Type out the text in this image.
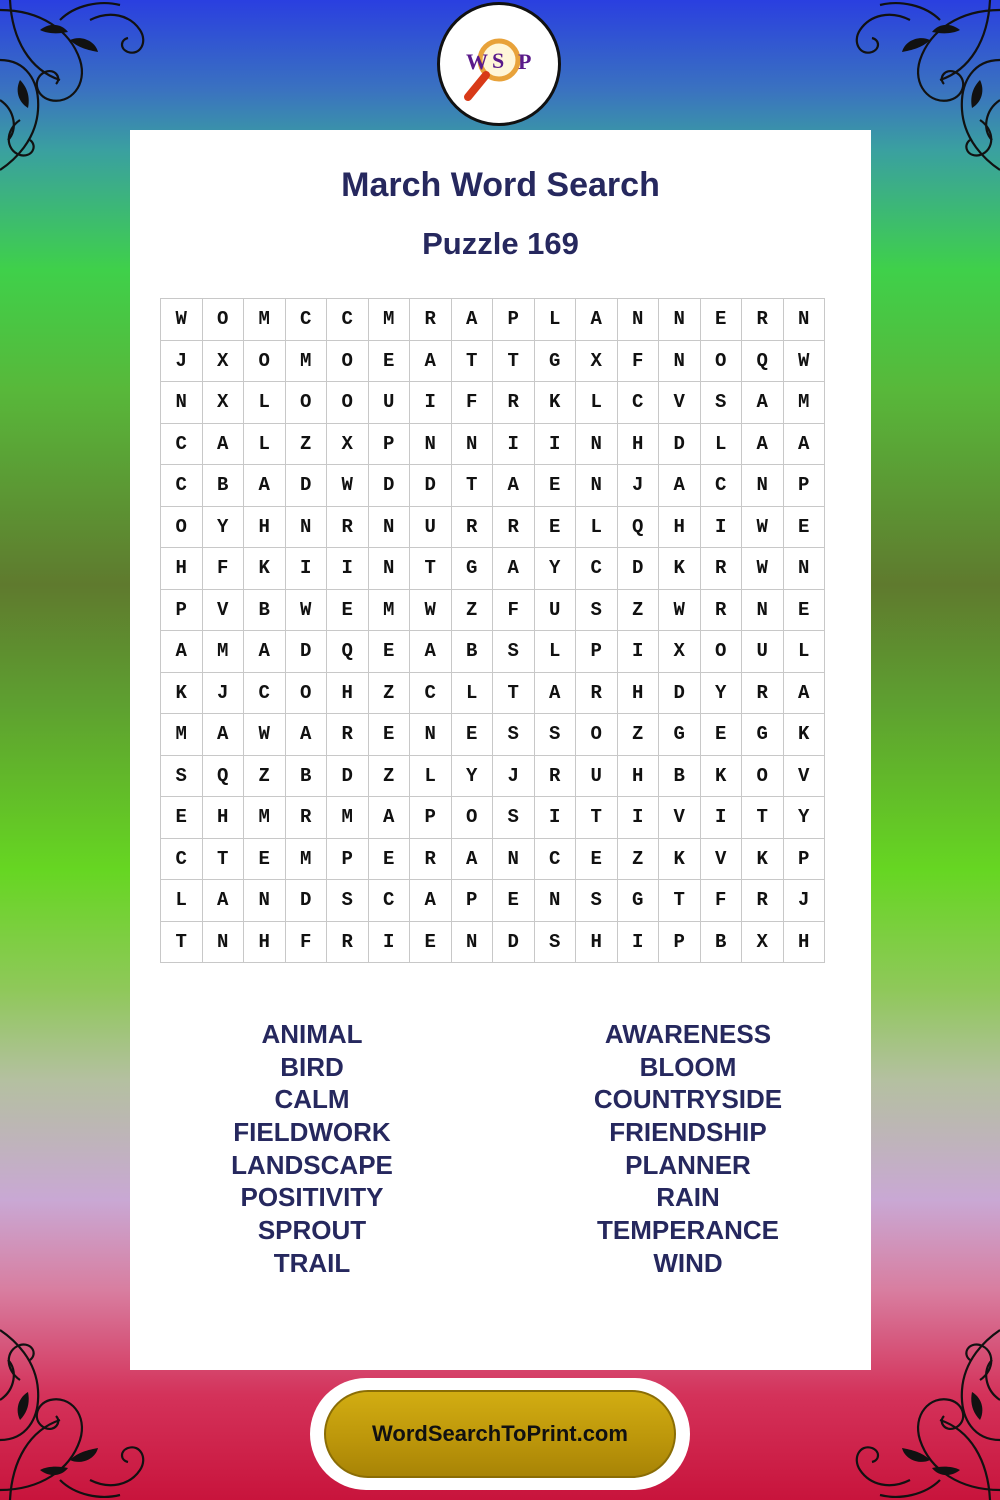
W S P
March Word Search
Puzzle 169
W	O	M	C	C	M	R	A	P	L	A	N	N	E	R	N
J	X	O	M	O	E	A	T	T	G	X	F	N	O	Q	W
N	X	L	O	O	U	I	F	R	K	L	C	V	S	A	M
C	A	L	Z	X	P	N	N	I	I	N	H	D	L	A	A
C	B	A	D	W	D	D	T	A	E	N	J	A	C	N	P
O	Y	H	N	R	N	U	R	R	E	L	Q	H	I	W	E
H	F	K	I	I	N	T	G	A	Y	C	D	K	R	W	N
P	V	B	W	E	M	W	Z	F	U	S	Z	W	R	N	E
A	M	A	D	Q	E	A	B	S	L	P	I	X	O	U	L
K	J	C	O	H	Z	C	L	T	A	R	H	D	Y	R	A
M	A	W	A	R	E	N	E	S	S	O	Z	G	E	G	K
S	Q	Z	B	D	Z	L	Y	J	R	U	H	B	K	O	V
E	H	M	R	M	A	P	O	S	I	T	I	V	I	T	Y
C	T	E	M	P	E	R	A	N	C	E	Z	K	V	K	P
L	A	N	D	S	C	A	P	E	N	S	G	T	F	R	J
T	N	H	F	R	I	E	N	D	S	H	I	P	B	X	H
ANIMAL
BIRD
CALM
FIELDWORK
LANDSCAPE
POSITIVITY
SPROUT
TRAIL
AWARENESS
BLOOM
COUNTRYSIDE
FRIENDSHIP
PLANNER
RAIN
TEMPERANCE
WIND
WordSearchToPrint.com
